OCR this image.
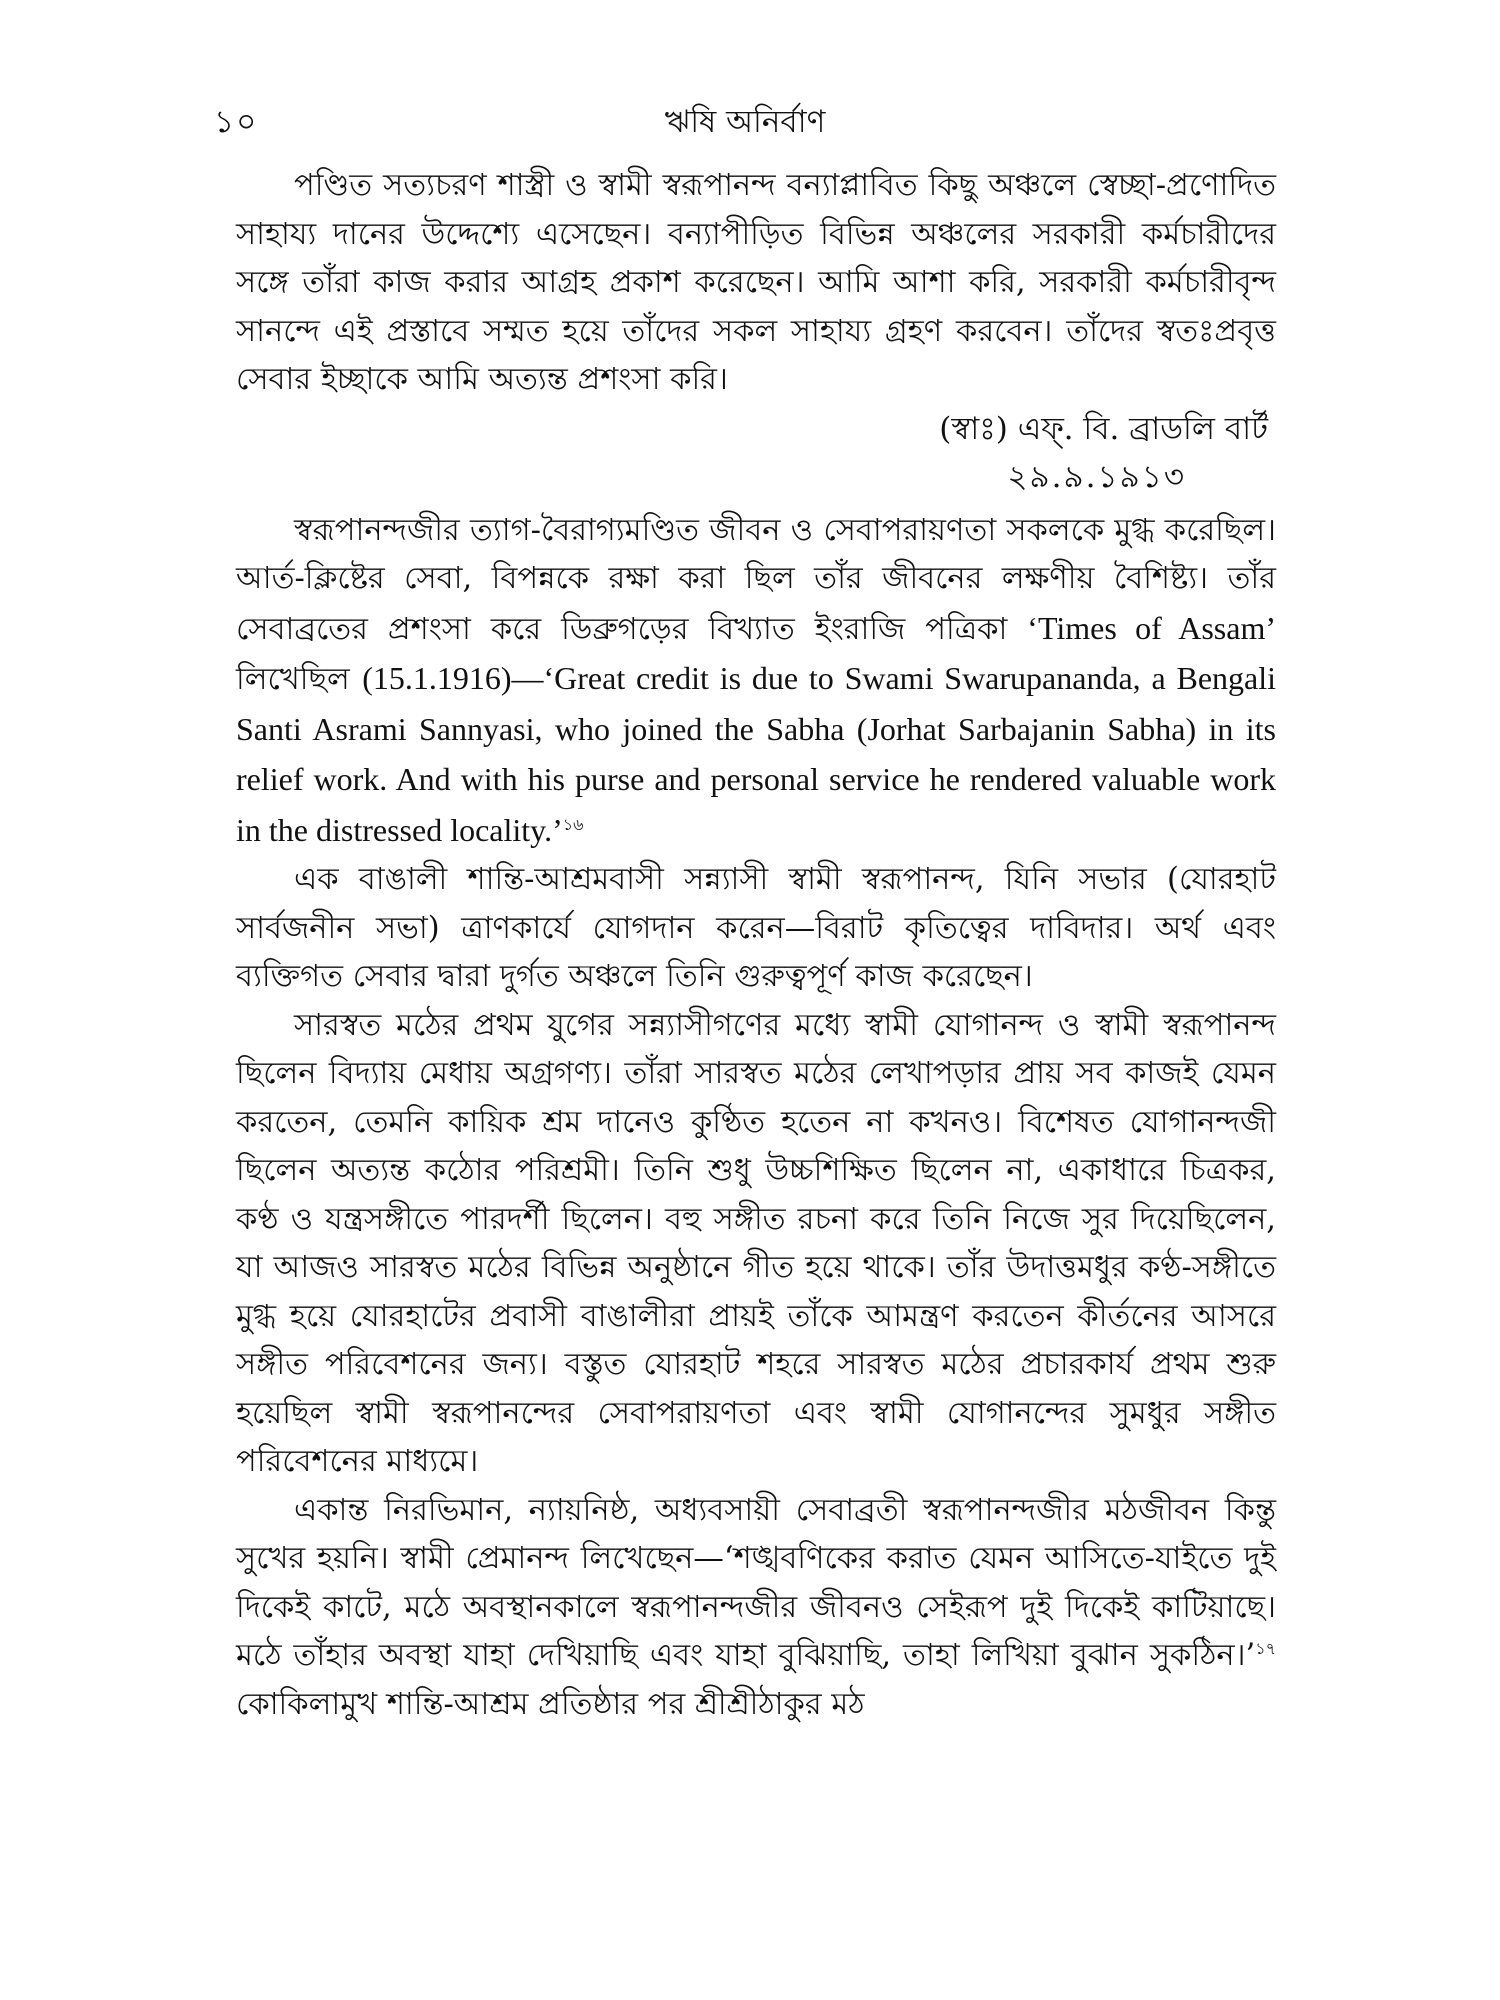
১০	ঋষি অনির্বাণ

পণ্ডিত সত্যচরণ শাস্ত্রী ও স্বামী স্বরূপানন্দ বন্যাপ্লাবিত কিছু অঞ্চলে স্বেচ্ছা-প্রণোদিত সাহায্য দানের উদ্দেশ্যে এসেছেন। বন্যাপীড়িত বিভিন্ন অঞ্চলের সরকারী কর্মচারীদের সঙ্গে তাঁরা কাজ করার আগ্রহ প্রকাশ করেছেন। আমি আশা করি, সরকারী কর্মচারীবৃন্দ সানন্দে এই প্রস্তাবে সম্মত হয়ে তাঁদের সকল সাহায্য গ্রহণ করবেন। তাঁদের স্বতঃপ্রবৃত্ত সেবার ইচ্ছাকে আমি অত্যন্ত প্রশংসা করি।

(স্বাঃ) এফ্. বি. ব্রাডলি বার্ট
২৯.৯.১৯১৩

স্বরূপানন্দজীর ত্যাগ-বৈরাগ্যমণ্ডিত জীবন ও সেবাপরায়ণতা সকলকে মুগ্ধ করেছিল। আর্ত-ক্লিষ্টের সেবা, বিপন্নকে রক্ষা করা ছিল তাঁর জীবনের লক্ষণীয় বৈশিষ্ট্য। তাঁর সেবাব্রতের প্রশংসা করে ডিব্রুগড়ের বিখ্যাত ইংরাজি পত্রিকা ‘Times of Assam’ লিখেছিল (15.1.1916)—‘Great credit is due to Swami Swarupananda, a Bengali Santi Asrami Sannyasi, who joined the Sabha (Jorhat Sarbajanin Sabha) in its relief work. And with his purse and personal service he rendered valuable work in the distressed locality.’$^{১৬}$

এক বাঙালী শান্তি-আশ্রমবাসী সন্ন্যাসী স্বামী স্বরূপানন্দ, যিনি সভার (যোরহাট সার্বজনীন সভা) ত্রাণকার্যে যোগদান করেন—বিরাট কৃতিত্বের দাবিদার। অর্থ এবং ব্যক্তিগত সেবার দ্বারা দুর্গত অঞ্চলে তিনি গুরুত্বপূর্ণ কাজ করেছেন।

সারস্বত মঠের প্রথম যুগের সন্ন্যাসীগণের মধ্যে স্বামী যোগানন্দ ও স্বামী স্বরূপানন্দ ছিলেন বিদ্যায় মেধায় অগ্রগণ্য। তাঁরা সারস্বত মঠের লেখাপড়ার প্রায় সব কাজই যেমন করতেন, তেমনি কায়িক শ্রম দানেও কুণ্ঠিত হতেন না কখনও। বিশেষত যোগানন্দজী ছিলেন অত্যন্ত কঠোর পরিশ্রমী। তিনি শুধু উচ্চশিক্ষিত ছিলেন না, একাধারে চিত্রকর, কণ্ঠ ও যন্ত্রসঙ্গীতে পারদর্শী ছিলেন। বহু সঙ্গীত রচনা করে তিনি নিজে সুর দিয়েছিলেন, যা আজও সারস্বত মঠের বিভিন্ন অনুষ্ঠানে গীত হয়ে থাকে। তাঁর উদাত্তমধুর কণ্ঠ-সঙ্গীতে মুগ্ধ হয়ে যোরহাটের প্রবাসী বাঙালীরা প্রায়ই তাঁকে আমন্ত্রণ করতেন কীর্তনের আসরে সঙ্গীত পরিবেশনের জন্য। বস্তুত যোরহাট শহরে সারস্বত মঠের প্রচারকার্য প্রথম শুরু হয়েছিল স্বামী স্বরূপানন্দের সেবাপরায়ণতা এবং স্বামী যোগানন্দের সুমধুর সঙ্গীত পরিবেশনের মাধ্যমে।

একান্ত নিরভিমান, ন্যায়নিষ্ঠ, অধ্যবসায়ী সেবাব্রতী স্বরূপানন্দজীর মঠজীবন কিন্তু সুখের হয়নি। স্বামী প্রেমানন্দ লিখেছেন—‘শঙ্খবণিকের করাত যেমন আসিতে-যাইতে দুই দিকেই কাটে, মঠে অবস্থানকালে স্বরূপানন্দজীর জীবনও সেইরূপ দুই দিকেই কাটিয়াছে। মঠে তাঁহার অবস্থা যাহা দেখিয়াছি এবং যাহা বুঝিয়াছি, তাহা লিখিয়া বুঝান সুকঠিন।’$^{১৭}$ কোকিলামুখ শান্তি-আশ্রম প্রতিষ্ঠার পর শ্রীশ্রীঠাকুর মঠ
